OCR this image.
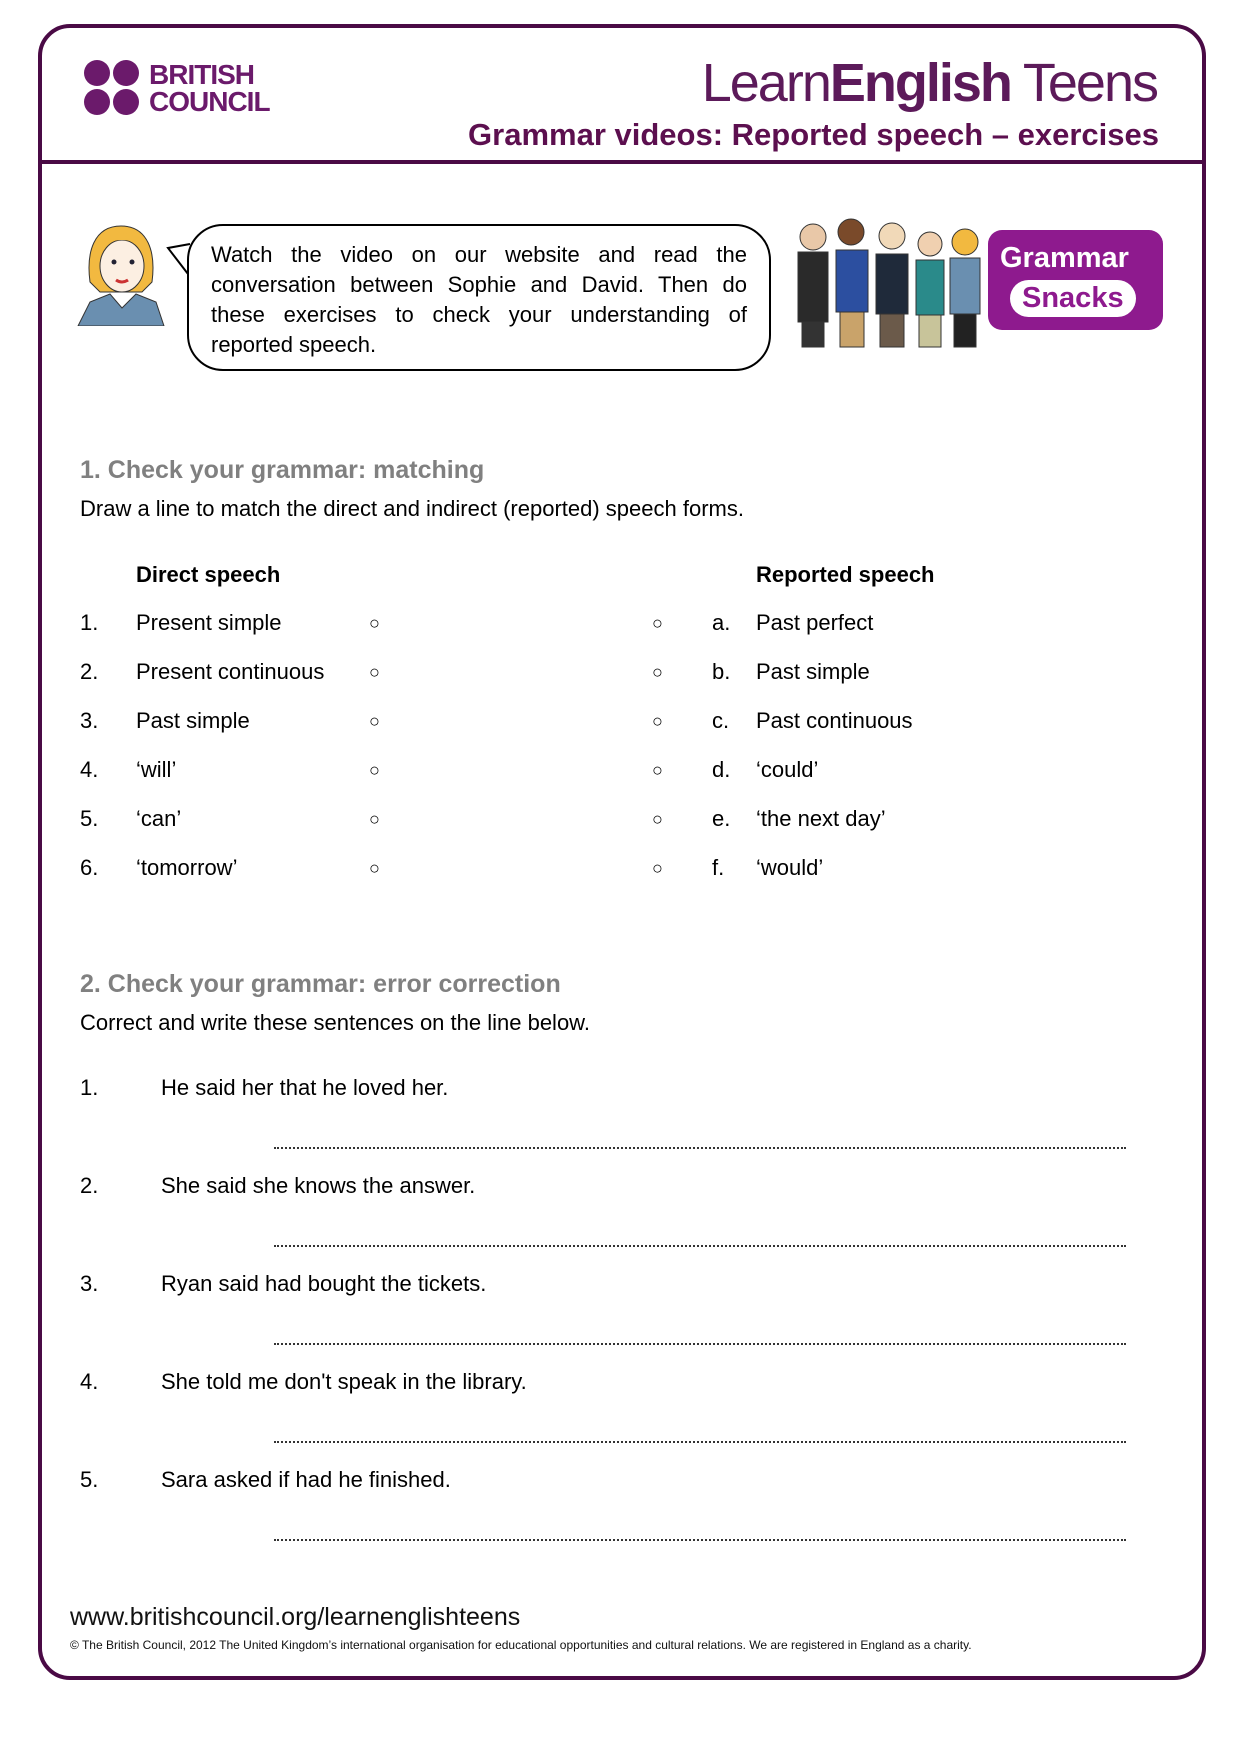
BRITISH
COUNCIL	LearnEnglish Teens
Grammar videos: Reported speech – exercises
Watch the video on our website and read the conversation between Sophie and David. Then do these exercises to check your understanding of reported speech.
Grammar
Snacks
1. Check your grammar: matching
Draw a line to match the direct and indirect (reported) speech forms.
Direct speech	Reported speech
1. Present simple	○	○ a. Past perfect
2. Present continuous ○	○ b. Past simple
3. Past simple	○	○ c. Past continuous
4. ‘will’	○	○ d. ‘could’
5. ‘can’	○	○ e. ‘the next day’
6. ‘tomorrow’	○	○ f. ‘would’
2. Check your grammar: error correction
Correct and write these sentences on the line below.
1.	He said her that he loved her.
2.	She said she knows the answer.
3.	Ryan said had bought the tickets.
4.	She told me don't speak in the library.
5.	Sara asked if had he finished.
www.britishcouncil.org/learnenglishteens
© The British Council, 2012 The United Kingdom’s international organisation for educational opportunities and cultural relations. We are registered in England as a charity.
